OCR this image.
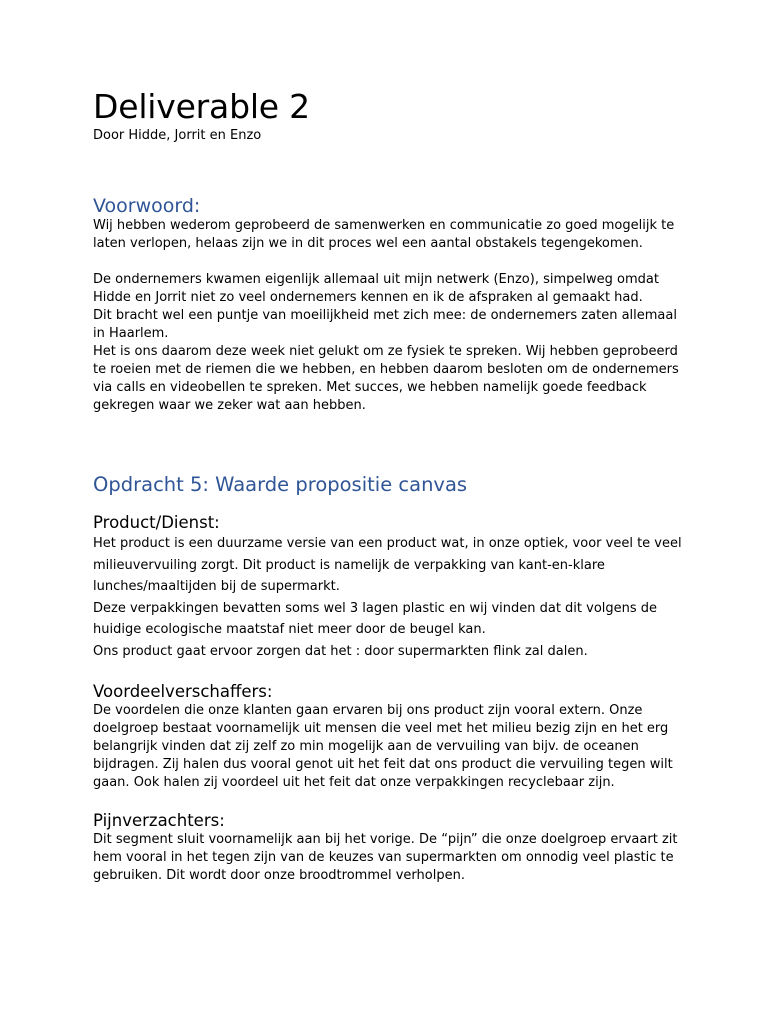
Deliverable 2

Door Hidde, Jorrit en Enzo

Voorwoord:

Wij hebben wederom geprobeerd de samenwerken en communicatie zo goed mogelijk te laten verlopen, helaas zijn we in dit proces wel een aantal obstakels tegengekomen.

De ondernemers kwamen eigenlijk allemaal uit mijn netwerk (Enzo), simpelweg omdat Hidde en Jorrit niet zo veel ondernemers kennen en ik de afspraken al gemaakt had.

Dit bracht wel een puntje van moeilijkheid met zich mee: de ondernemers zaten allemaal in Haarlem.

Het is ons daarom deze week niet gelukt om ze fysiek te spreken. Wij hebben geprobeerd te roeien met de riemen die we hebben, en hebben daarom besloten om de ondernemers via calls en videobellen te spreken. Met succes, we hebben namelijk goede feedback gekregen waar we zeker wat aan hebben.

Opdracht 5: Waarde propositie canvas
Product/Dienst:

Het product is een duurzame versie van een product wat, in onze optiek, voor veel te veel milieuvervuiling zorgt. Dit product is namelijk de verpakking van kant-en-klare lunches/maaltijden bij de supermarkt.

Deze verpakkingen bevatten soms wel 3 lagen plastic en wij vinden dat dit volgens de huidige ecologische maatstaf niet meer door de beugel kan.

Ons product gaat ervoor zorgen dat het : door supermarkten flink zal dalen.

Voordeelverschaffers:

De voordelen die onze klanten gaan ervaren bij ons product zijn vooral extern. Onze doelgroep bestaat voornamelijk uit mensen die veel met het milieu bezig zijn en het erg belangrijk vinden dat zij zelf zo min mogelijk aan de vervuiling van bijv. de oceanen bijdragen. Zij halen dus vooral genot uit het feit dat ons product die vervuiling tegen wilt gaan. Ook halen zij voordeel uit het feit dat onze verpakkingen recyclebaar zijn.

Pijnverzachters:

Dit segment sluit voornamelijk aan bij het vorige. De “pijn” die onze doelgroep ervaart zit hem vooral in het tegen zijn van de keuzes van supermarkten om onnodig veel plastic te gebruiken. Dit wordt door onze broodtrommel verholpen.
